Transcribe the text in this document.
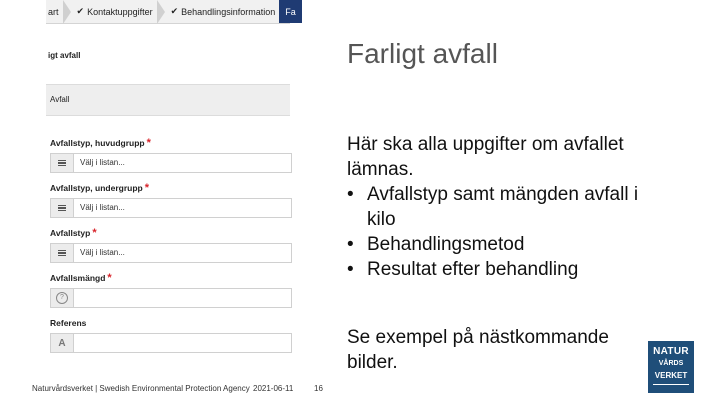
art ✔ Kontaktuppgifter ✔ Behandlingsinformation Fa
igt avfall
Avfall
Avfallstyp, huvudgrupp *
Välj i listan...
Avfallstyp, undergrupp *
Välj i listan...
Avfallstyp *
Välj i listan...
Avfallsmängd *
?
Referens
A
Farligt avfall

Här ska alla uppgifter om avfallet lämnas.

• Avfallstyp samt mängden avfall i kilo
• Behandlingsmetod
• Resultat efter behandling
Se exempel på nästkommande bilder.
Naturvårdsverket | Swedish Environmental Protection Agency 2021-06-11	16
NATUR
VÅRDS
VERKET
